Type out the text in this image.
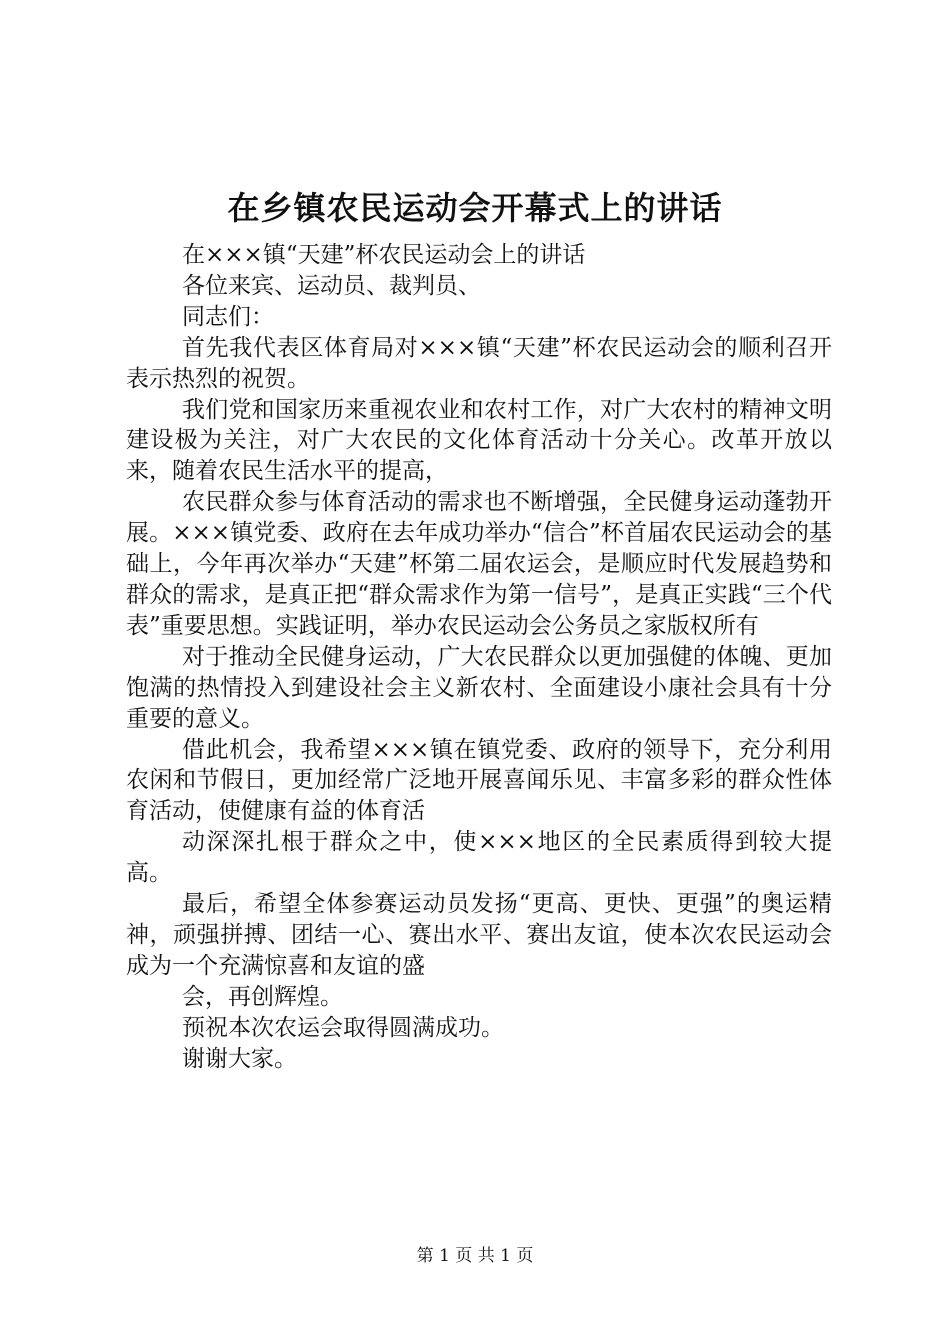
在乡镇农民运动会开幕式上的讲话

在×××镇“天建”杯农民运动会上的讲话

各位来宾、运动员、裁判员、

同志们：

首先我代表区体育局对×××镇“天建”杯农民运动会的顺利召开表示热烈的祝贺。

我们党和国家历来重视农业和农村工作，对广大农村的精神文明建设极为关注，对广大农民的文化体育活动十分关心。改革开放以来，随着农民生活水平的提高，

农民群众参与体育活动的需求也不断增强，全民健身运动蓬勃开展。×××镇党委、政府在去年成功举办“信合”杯首届农民运动会的基础上，今年再次举办“天建”杯第二届农运会，是顺应时代发展趋势和群众的需求，是真正把“群众需求作为第一信号”，是真正实践“三个代表”重要思想。实践证明，举办农民运动会公务员之家版权所有

对于推动全民健身运动，广大农民群众以更加强健的体魄、更加饱满的热情投入到建设社会主义新农村、全面建设小康社会具有十分重要的意义。

借此机会，我希望×××镇在镇党委、政府的领导下，充分利用农闲和节假日，更加经常广泛地开展喜闻乐见、丰富多彩的群众性体育活动，使健康有益的体育活

动深深扎根于群众之中，使×××地区的全民素质得到较大提高。

最后，希望全体参赛运动员发扬“更高、更快、更强”的奥运精神，顽强拼搏、团结一心、赛出水平、赛出友谊，使本次农民运动会成为一个充满惊喜和友谊的盛

会，再创辉煌。

预祝本次农运会取得圆满成功。

谢谢大家。

第 1 页 共 1 页
